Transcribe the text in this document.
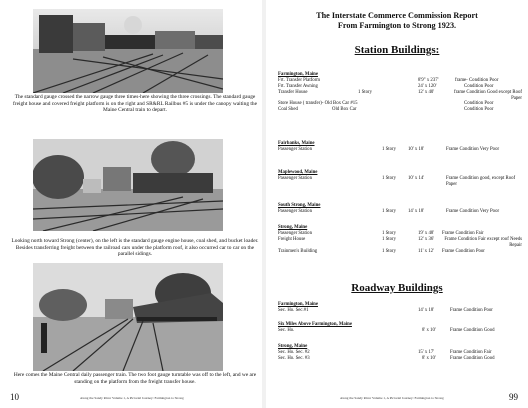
The standard gauge crossed the narrow gauge three times-here showing the three crossings. The standard gauge freight house and covered freight platform is on the right and SR&RL Railbus #5 is under the canopy waiting the Maine Central train to depart.
Looking north toward Strong (center), on the left is the standard gauge engine house, coal shed, and bucket loader. Besides transferring freight between the railroad cars under the platform roof, it also occurred car to car on the parallel sidings.
Here comes the Maine Central daily passenger train. The two foot gauge turntable was off to the left, and we are standing on the platform from the freight transfer house.
10	Along the Sandy River Volume 1, A Pictorial Journey: Farmington to Strong
The Interstate Commerce Commission Report
From Farmington to Strong 1923.
Station Buildings:
Farmington, Maine
Frt. Transfer Platform	8'9" x 237'	frame- Condition Poor
Frt. Transfer Awning	24' x 120'	Condition Poor
Transfer House	1 Story	12' x 40'	frame Condition Good except Roof Paper
Store House ( transfer)- Old Box Car #15	Condition Poor
Coal Shed	Old Box Car	Condition Poor
Fairbanks, Maine
Passenger Station	1 Story	10' x 18'	Frame Condition Very Poor
Maplewood, Maine
Passenger Station	1 Story	10' x 14'	Frame Condition good, except Roof Paper
South Strong, Maine
Passenger Station	1 Story	14' x 18'	Frame Condition Very Poor
Strong, Maine
Passenger Station	1 Story	19' x 48' Frame Condition Fair
Freight House	1 Story	12' x 36'	Frame Condition Fair except roof Needs Repair
Trainmen's Building	1 Story	11' x 12' Frame Condition Poor
Roadway Buildings
Farmington, Maine
Sec. Ho. Sec.#1	14' x 18'	Frame Condition Poor
Six Miles Above Farmington, Maine
Sec. Ho.	8' x 10'	Frame Condition Good
Strong, Maine
Sec. Ho. Sec. #2	15' x 17'	Frame Condition Fair
Sec. Ho. Sec. #3	8' x 10'	Frame Condition Good
Along the Sandy River Volume 1, A Pictorial Journey: Farmington to Strong	99
